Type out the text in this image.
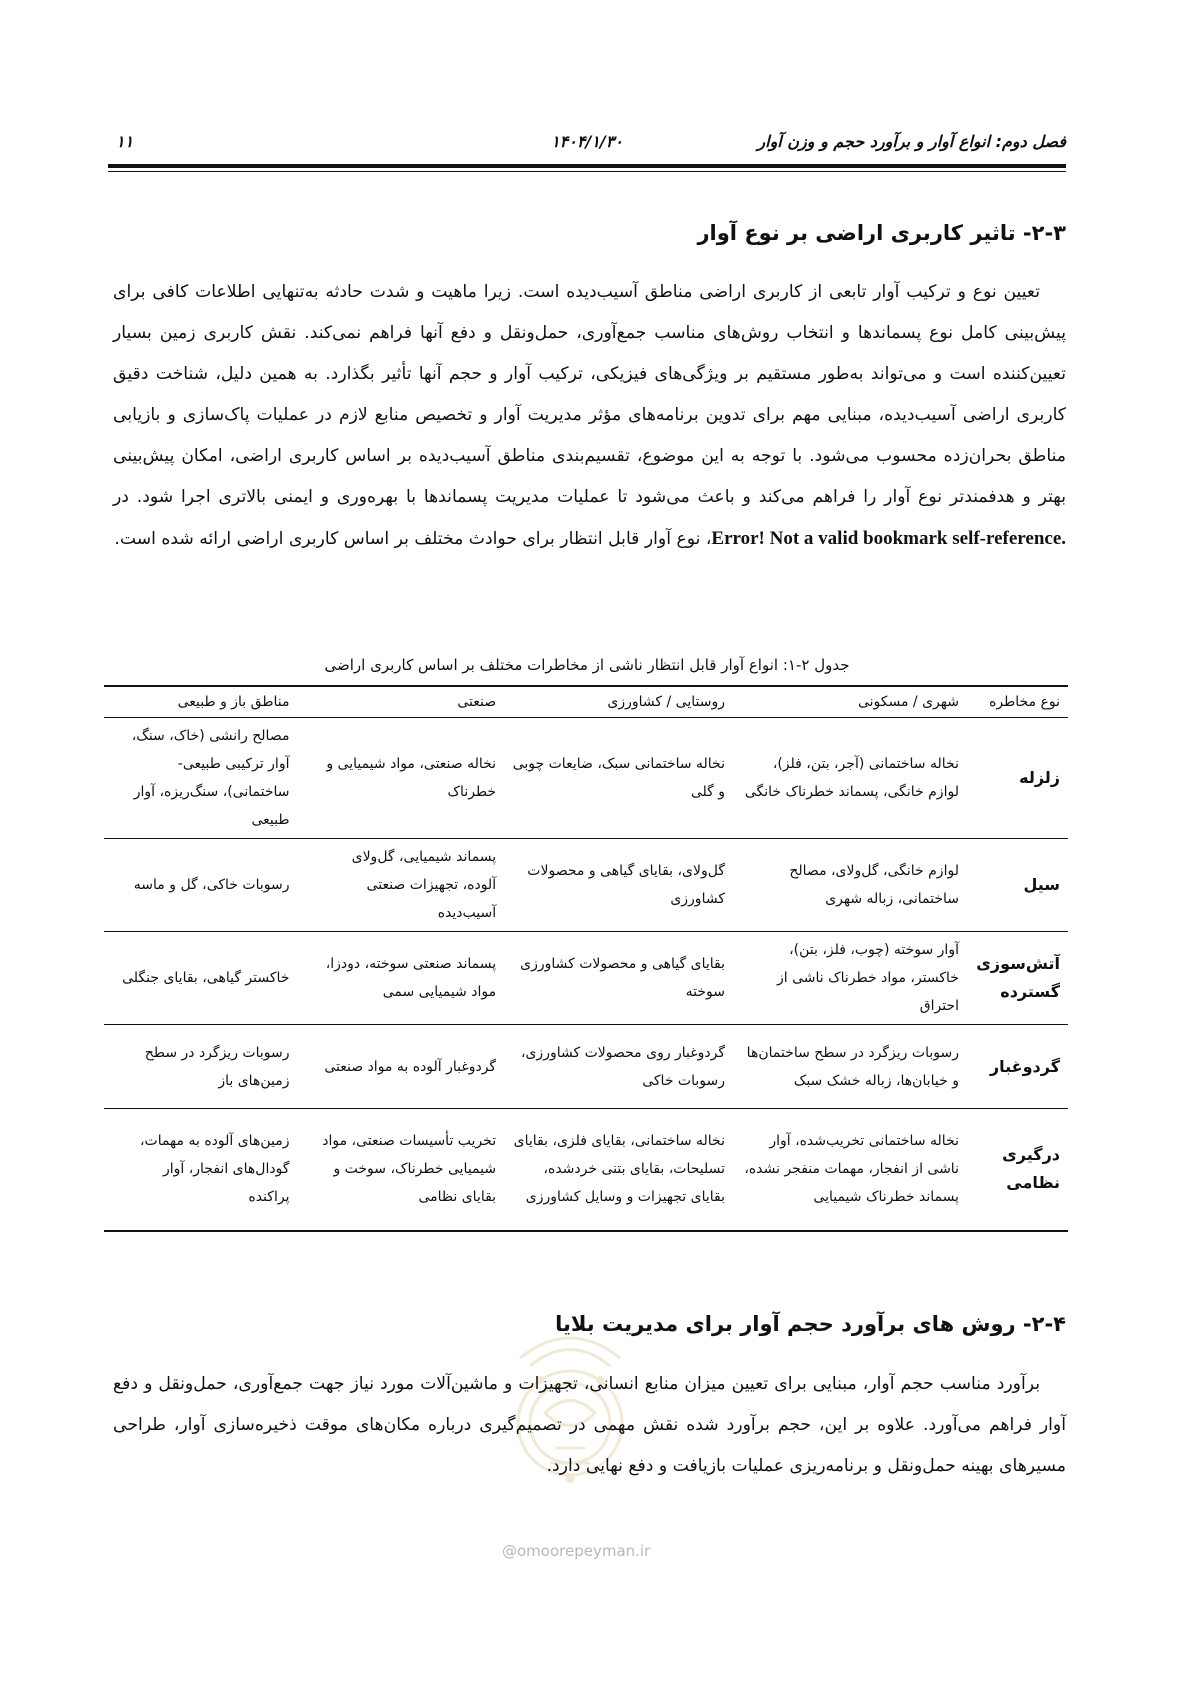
فصل دوم: انواع آوار و برآورد حجم و وزن آوار
۱۴۰۴/۱/۳۰
۱۱
۲-۳- تاثیر کاربری اراضی بر نوع آوار
تعیین نوع و ترکیب آوار تابعی از کاربری اراضی مناطق آسیب‌دیده است. زیرا ماهیت و شدت حادثه به‌تنهایی اطلاعات کافی برای پیش‌بینی کامل نوع پسماندها و انتخاب روش‌های مناسب جمع‌آوری، حمل‌ونقل و دفع آنها فراهم نمی‌کند. نقش کاربری زمین بسیار تعیین‌کننده است و می‌تواند به‌طور مستقیم بر ویژگی‌های فیزیکی، ترکیب آوار و حجم آنها تأثیر بگذارد. به همین دلیل، شناخت دقیق کاربری اراضی آسیب‌دیده، مبنایی مهم برای تدوین برنامه‌های مؤثر مدیریت آوار و تخصیص منابع لازم در عملیات پاک‌سازی و بازیابی مناطق بحران‌زده محسوب می‌شود. با توجه به این موضوع، تقسیم‌بندی مناطق آسیب‌دیده بر اساس کاربری اراضی، امکان پیش‌بینی بهتر و هدفمندتر نوع آوار را فراهم می‌کند و باعث می‌شود تا عملیات مدیریت پسماندها با بهره‌وری و ایمنی بالاتری اجرا شود. در Error! Not a valid bookmark self-reference.، نوع آوار قابل انتظار برای حوادث مختلف بر اساس کاربری اراضی ارائه شده است.
@omoorepeyman.ir
جدول ۲-۱: انواع آوار قابل انتظار ناشی از مخاطرات مختلف بر اساس کاربری اراضی
نوع مخاطره	شهری / مسکونی	روستایی / کشاورزی	صنعتی	مناطق باز و طبیعی
زلزله	نخاله ساختمانی (آجر، بتن، فلز)، لوازم خانگی، پسماند خطرناک خانگی	نخاله ساختمانی سبک، ضایعات چوبی و گلی	نخاله صنعتی، مواد شیمیایی و خطرناک	مصالح رانشی (خاک، سنگ، آوار ترکیبی طبیعی-ساختمانی)، سنگ‌ریزه، آوار طبیعی
سیل	لوازم خانگی، گل‌ولای، مصالح ساختمانی، زباله شهری	گل‌ولای، بقایای گیاهی و محصولات کشاورزی	پسماند شیمیایی، گل‌ولای آلوده، تجهیزات صنعتی آسیب‌دیده	رسوبات خاکی، گل و ماسه
آتش‌سوزی گسترده	آوار سوخته (چوب، فلز، بتن)، خاکستر، مواد خطرناک ناشی از احتراق	بقایای گیاهی و محصولات کشاورزی سوخته	پسماند صنعتی سوخته، دودزا، مواد شیمیایی سمی	خاکستر گیاهی، بقایای جنگلی
گردوغبار	رسوبات ریزگرد در سطح ساختمان‌ها و خیابان‌ها، زباله خشک سبک	گردوغبار روی محصولات کشاورزی، رسوبات خاکی	گردوغبار آلوده به مواد صنعتی	رسوبات ریزگرد در سطح زمین‌های باز
درگیری نظامی	نخاله ساختمانی تخریب‌شده، آوار ناشی از انفجار، مهمات منفجر نشده، پسماند خطرناک شیمیایی	نخاله ساختمانی، بقایای فلزی، بقایای تسلیحات، بقایای بتنی خردشده، بقایای تجهیزات و وسایل کشاورزی	تخریب تأسیسات صنعتی، مواد شیمیایی خطرناک، سوخت و بقایای نظامی	زمین‌های آلوده به مهمات، گودال‌های انفجار، آوار پراکنده
۲-۴- روش های برآورد حجم آوار برای مدیریت بلایا
برآورد مناسب حجم آوار، مبنایی برای تعیین میزان منابع انسانی، تجهیزات و ماشین‌آلات مورد نیاز جهت جمع‌آوری، حمل‌ونقل و دفع آوار فراهم می‌آورد. علاوه بر این، حجم برآورد شده نقش مهمی در تصمیم‌گیری درباره مکان‌های موقت ذخیره‌سازی آوار، طراحی مسیرهای بهینه حمل‌ونقل و برنامه‌ریزی عملیات بازیافت و دفع نهایی دارد.
